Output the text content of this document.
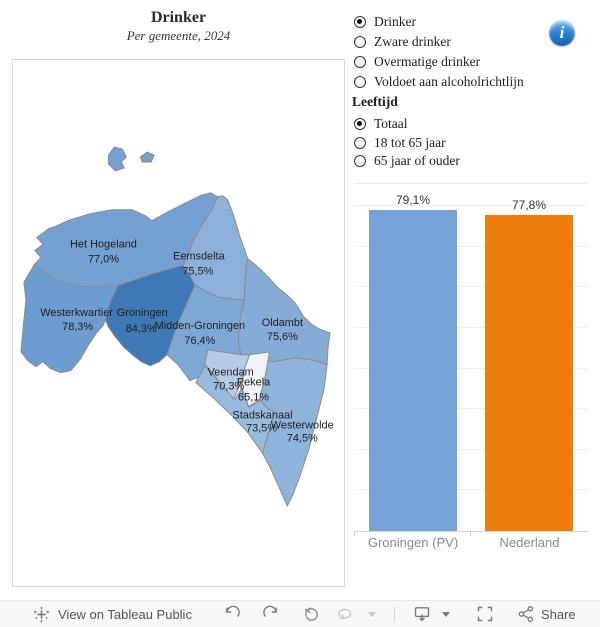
Drinker
Per gemeente, 2024
Het Hogeland
77,0%	Eemsdelta
75,5%
Westerkwartier
78,3%
Groningen
84,3%
Midden-Groningen
76,4%
Oldambt
75,6%
Veendam
70,3%
Pekela
65,1%
Stadskanaal
73,5%
Westerwolde
74,5%
Drinker
Zware drinker
Overmatige drinker
Voldoet aan alcoholrichtlijn
i
Leeftijd
Totaal
18 tot 65 jaar
65 jaar of ouder
79,1%	77,8%
Groningen (PV)	Nederland
View on Tableau Public	Share
